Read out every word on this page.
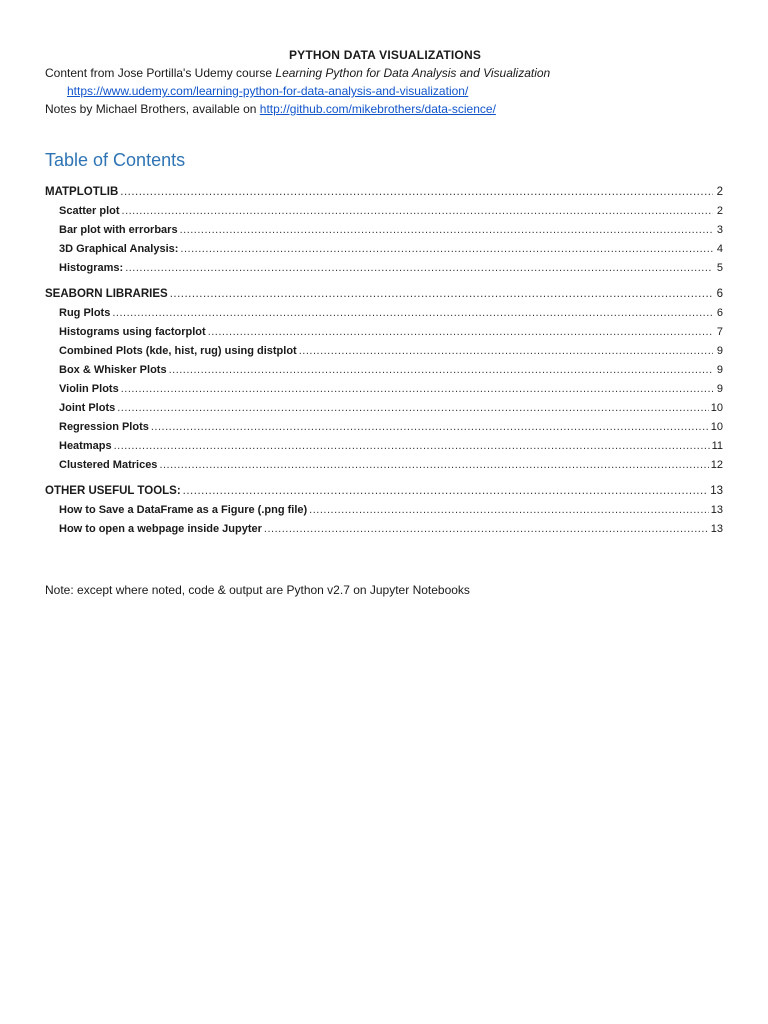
PYTHON DATA VISUALIZATIONS
Content from Jose Portilla's Udemy course Learning Python for Data Analysis and Visualization
https://www.udemy.com/learning-python-for-data-analysis-and-visualization/
Notes by Michael Brothers, available on http://github.com/mikebrothers/data-science/
Table of Contents
MATPLOTLIB .....	2
Scatter plot .....	2
Bar plot with errorbars .....	3
3D Graphical Analysis: .....	4
Histograms: .....	5
SEABORN LIBRARIES .....	6
Rug Plots .....	6
Histograms using factorplot .....	7
Combined Plots (kde, hist, rug) using distplot .....	9
Box & Whisker Plots .....	9
Violin Plots .....	9
Joint Plots .....	10
Regression Plots .....	10
Heatmaps .....	11
Clustered Matrices .....	12
OTHER USEFUL TOOLS: .....	13
How to Save a DataFrame as a Figure (.png file) .....	13
How to open a webpage inside Jupyter .....	13
Note: except where noted, code & output are Python v2.7 on Jupyter Notebooks
